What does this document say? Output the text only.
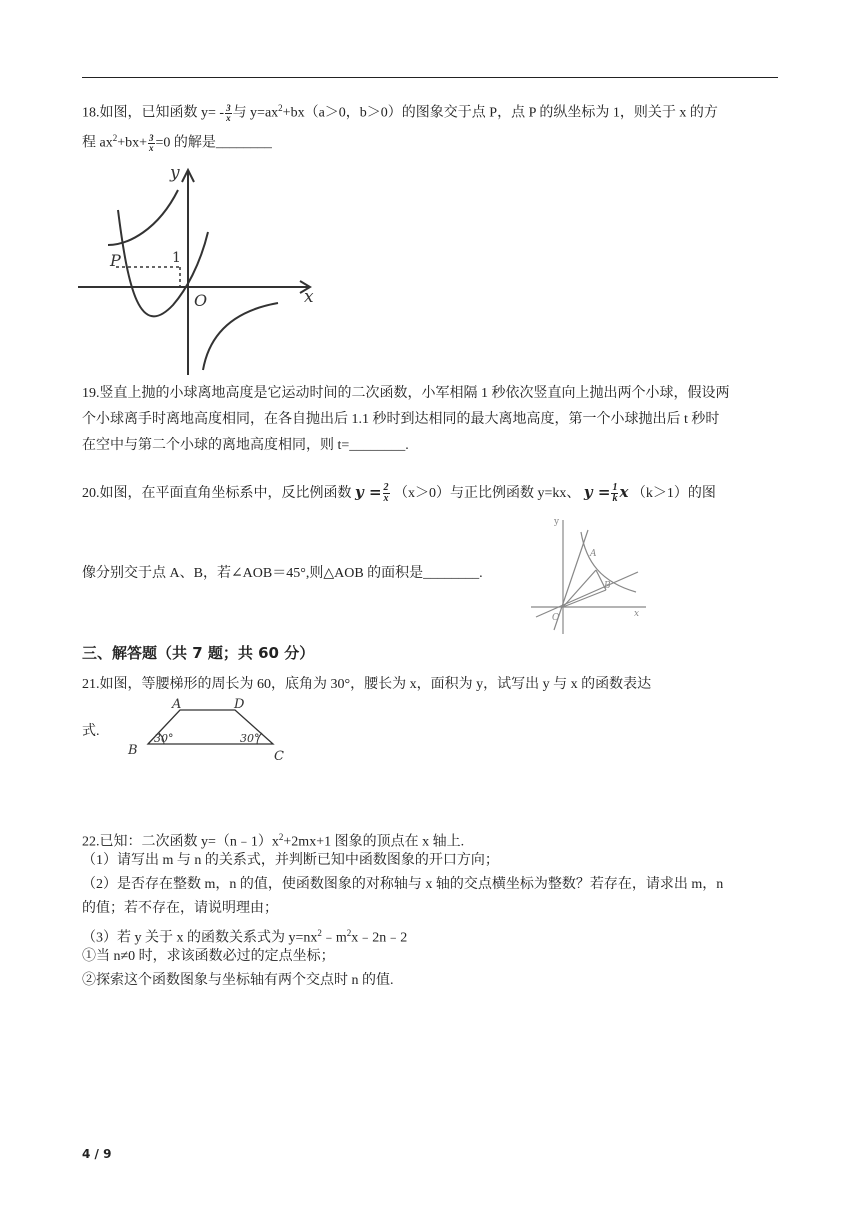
18.如图，已知函数 $y= - \frac{3}{x}$ 与 $y=ax^2+bx(a>0$，b＞0）的图象交于点 P，点 P 的纵坐标为 1，则关于 x 的方
程 $ax^2+bx+ \frac{3}{x} =0$ 的解是________
y
x
O
P	1
19.竖直上抛的小球离地高度是它运动时间的二次函数，小军相隔 1 秒依次竖直向上抛出两个小球，假设两
个小球离手时离地高度相同，在各自抛出后 1.1 秒时到达相同的最大离地高度，第一个小球抛出后 t 秒时
在空中与第二个小球的离地高度相同，则 t=________.
20.如图，在平面直角坐标系中，反比例函数 $y = \frac{2}{x} (x>0)$与正比例函数 y=kx、 $y = \frac{1}{k}$ x （k＞1）的图
像分别交于点 A、B，若∠AOB＝45°,则△AOB 的面积是________.
y
x
O
A
B
三、解答题（共 7 题；共 60 分）
21.如图，等腰梯形的周长为 60，底角为 30°，腰长为 x，面积为 y，试写出 y 与 x 的函数表达
式.
A	D
B	C
30°	30°
22.已知：二次函数 $y=(n﹣1)x^2+2mx+1$ 图象的顶点在 x 轴上.
（1）请写出 m 与 n 的关系式，并判断已知中函数图象的开口方向；
（2）是否存在整数 m，n 的值，使函数图象的对称轴与 x 轴的交点横坐标为整数？若存在，请求出 m，n
的值；若不存在，请说明理由；
（3）若 y 关于 x 的函数关系式为 $y=nx^2﹣m^2x﹣2n﹣2$
①当 n≠0 时，求该函数必过的定点坐标；
②探索这个函数图象与坐标轴有两个交点时 n 的值.
4 / 9
